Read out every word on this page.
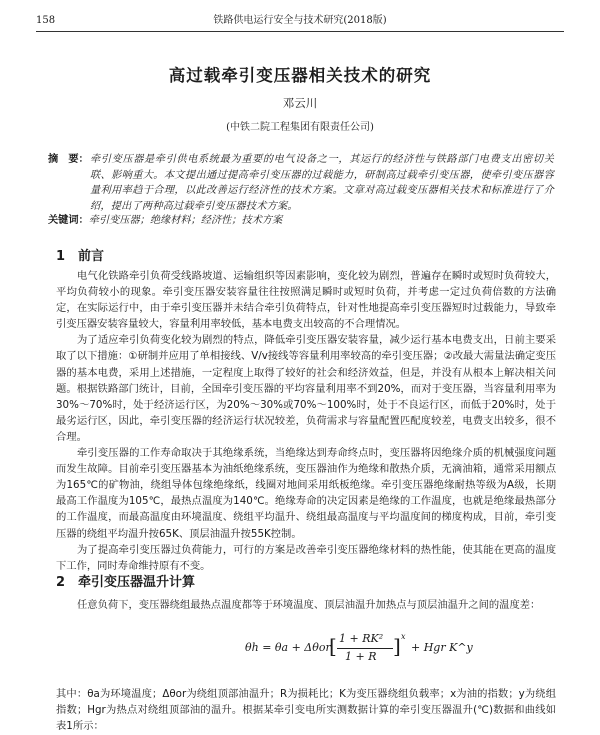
158	铁路供电运行安全与技术研究(2018版)
高过载牵引变压器相关技术的研究
邓云川
(中铁二院工程集团有限责任公司)
摘　要： 牵引变压器是牵引供电系统最为重要的电气设备之一，其运行的经济性与铁路部门电费支出密切关联、影响重大。本文提出通过提高牵引变压器的过载能力，研制高过载牵引变压器，使牵引变压器容量利用率趋于合理，以此改善运行经济性的技术方案。文章对高过载变压器相关技术和标准进行了介绍，提出了两种高过载牵引变压器技术方案。
关键词：牵引变压器；绝缘材料；经济性；技术方案
1 前言

电气化铁路牵引负荷受线路坡道、运输组织等因素影响，变化较为剧烈，普遍存在瞬时或短时负荷较大，平均负荷较小的现象。牵引变压器安装容量往往按照满足瞬时或短时负荷，并考虑一定过负荷倍数的方法确定，在实际运行中，由于牵引变压器并未结合牵引负荷特点，针对性地提高牵引变压器短时过载能力，导致牵引变压器安装容量较大，容量利用率较低，基本电费支出较高的不合理情况。

为了适应牵引负荷变化较为剧烈的特点，降低牵引变压器安装容量，减少运行基本电费支出，日前主要采取了以下措施：①研制并应用了单相接线、V/v接线等容量利用率较高的牵引变压器；②改最大需量法确定变压器的基本电费，采用上述措施，一定程度上取得了较好的社会和经济效益，但是，并没有从根本上解决相关问题。根据铁路部门统计，目前，全国牵引变压器的平均容量利用率不到20%，而对于变压器，当容量利用率为30%～70%时，处于经济运行区，为20%～30%或70%～100%时，处于不良运行区，而低于20%时，处于最劣运行区，因此，牵引变压器的经济运行状况较差，负荷需求与容量配置匹配度较差，电费支出较多，很不合理。

牵引变压器的工作寿命取决于其绝缘系统，当绝缘达到寿命终点时，变压器将因绝缘介质的机械强度问题而发生故障。目前牵引变压器基本为油纸绝缘系统，变压器油作为绝缘和散热介质，无滴油箱，通常采用额点为165℃的矿物油，绕组导体包缘绝缘纸，线圈对地间采用纸板绝缘。牵引变压器绝缘耐热等级为A级，长期最高工作温度为105℃，最热点温度为140℃。绝缘寿命的决定因素是绝缘的工作温度，也就是绝缘最热部分的工作温度，而最高温度由环境温度、绕组平均温升、绕组最高温度与平均温度间的梯度构成，目前，牵引变压器的绕组平均温升按65K、顶层油温升按55K控制。

为了提高牵引变压器过负荷能力，可行的方案是改善牵引变压器绝缘材料的热性能，使其能在更高的温度下工作，同时寿命维持原有不变。

2 牵引变压器温升计算

任意负荷下，变压器绕组最热点温度都等于环境温度、顶层油温升加热点与顶层油温升之间的温度差：

θh = θa + Δθor
[ 1 + RK²
1 + R ] x
+ Hgr K^y

其中：θa为环境温度；Δθor为绕组顶部油温升；R为损耗比；K为变压器绕组负载率；x为油的指数；y为绕组指数；Hgr为热点对绕组顶部油的温升。根据某牵引变电所实测数据计算的牵引变压器温升(℃)数据和曲线如表1所示：
